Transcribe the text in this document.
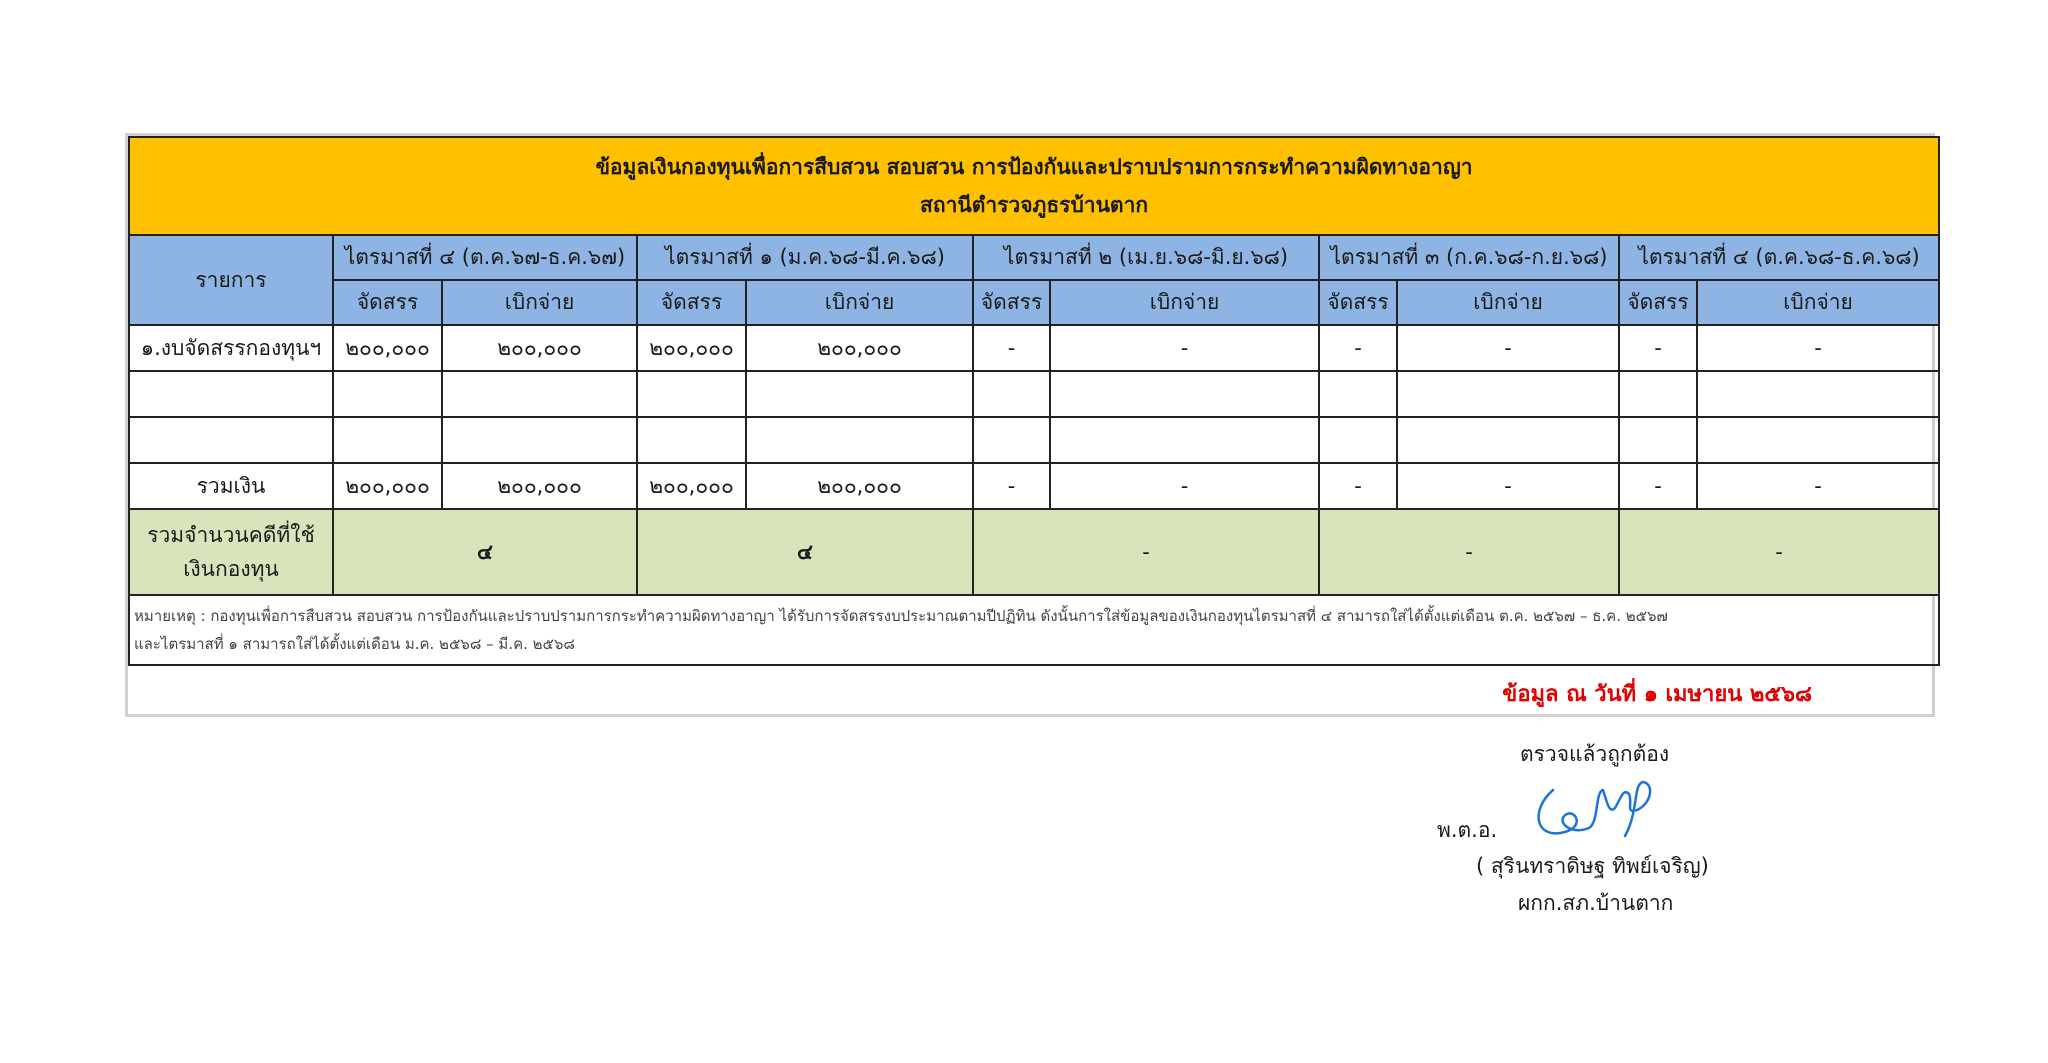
ข้อมูลเงินกองทุนเพื่อการสืบสวน สอบสวน การป้องกันและปราบปรามการกระทำความผิดทางอาญา
สถานีตำรวจภูธรบ้านตาก										

รายการ	ไตรมาสที่ ๔ (ต.ค.๖๗-ธ.ค.๖๗)		ไตรมาสที่ ๑ (ม.ค.๖๘-มี.ค.๖๘)		ไตรมาสที่ ๒ (เม.ย.๖๘-มิ.ย.๖๘)		ไตรมาสที่ ๓ (ก.ค.๖๘-ก.ย.๖๘)		ไตรมาสที่ ๔ (ต.ค.๖๘-ธ.ค.๖๘)	
	จัดสรร	เบิกจ่าย	จัดสรร	เบิกจ่าย	จัดสรร	เบิกจ่าย	จัดสรร	เบิกจ่าย	จัดสรร	เบิกจ่าย
๑.งบจัดสรรกองทุนฯ	๒๐๐,๐๐๐	๒๐๐,๐๐๐	๒๐๐,๐๐๐	๒๐๐,๐๐๐	-	-	-	-	-	-

รวมเงิน	๒๐๐,๐๐๐	๒๐๐,๐๐๐	๒๐๐,๐๐๐	๒๐๐,๐๐๐	-	-	-	-	-	-

รวมจำนวนคดีที่ใช้
เงินกองทุน	๔		๔		-		-		-	

หมายเหตุ : กองทุนเพื่อการสืบสวน สอบสวน การป้องกันและปราบปรามการกระทำความผิดทางอาญา ได้รับการจัดสรรงบประมาณตามปีปฏิทิน ดังนั้นการใส่ข้อมูลของเงินกองทุนไตรมาสที่ ๔ สามารถใส่ได้ตั้งแต่เดือน ต.ค. ๒๕๖๗ – ธ.ค. ๒๕๖๗
และไตรมาสที่ ๑ สามารถใส่ได้ตั้งแต่เดือน ม.ค. ๒๕๖๘ – มี.ค. ๒๕๖๘										
ข้อมูล ณ วันที่ ๑ เมษายน ๒๕๖๘
ตรวจแล้วถูกต้อง
พ.ต.อ.
( สุรินทราดิษฐ ทิพย์เจริญ)
ผกก.สภ.บ้านตาก
